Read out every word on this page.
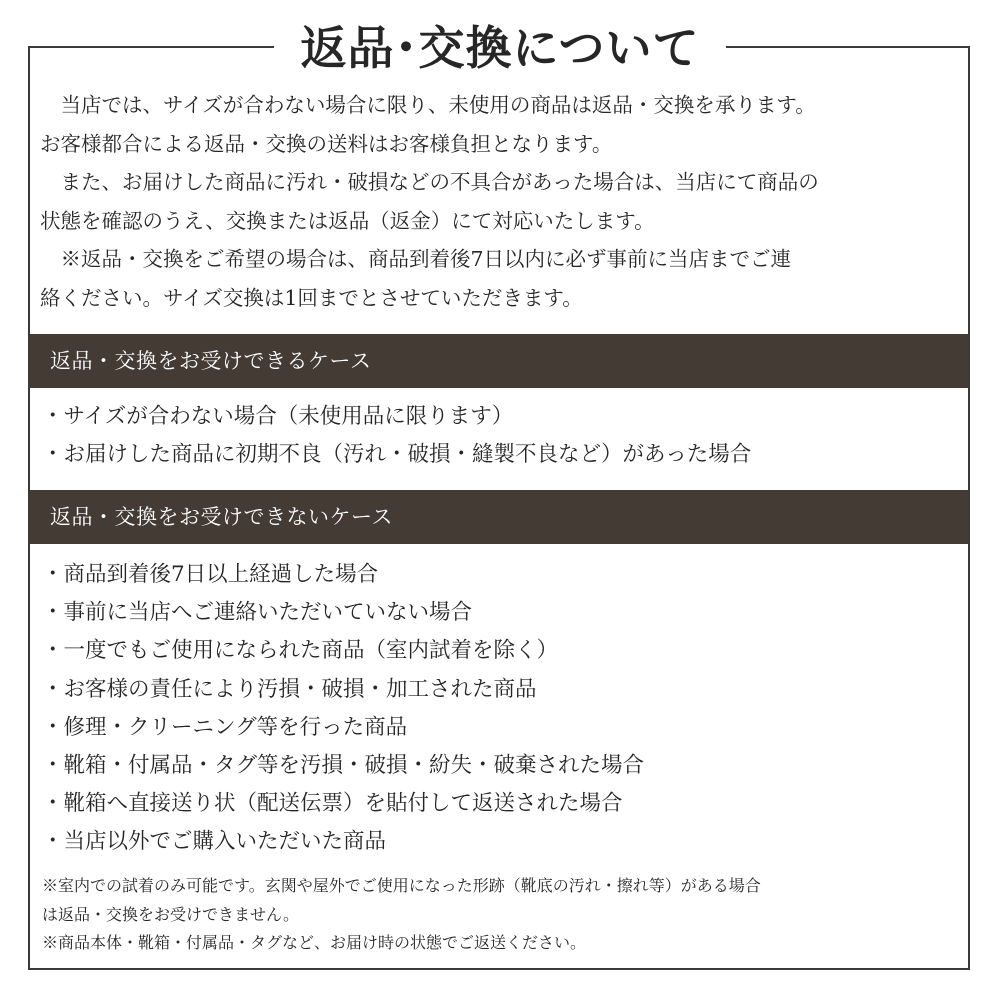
返品･交換について

　当店では、サイズが合わない場合に限り、未使用の商品は返品・交換を承ります。

お客様都合による返品・交換の送料はお客様負担となります。

　また、お届けした商品に汚れ・破損などの不具合があった場合は、当店にて商品の

状態を確認のうえ、交換または返品（返金）にて対応いたします。

　※返品・交換をご希望の場合は、商品到着後7日以内に必ず事前に当店までご連

絡ください。サイズ交換は1回までとさせていただきます。

返品・交換をお受けできるケース
・サイズが合わない場合（未使用品に限ります）
・お届けした商品に初期不良（汚れ・破損・縫製不良など）があった場合
返品・交換をお受けできないケース
・商品到着後7日以上経過した場合
・事前に当店へご連絡いただいていない場合
・一度でもご使用になられた商品（室内試着を除く）
・お客様の責任により汚損・破損・加工された商品
・修理・クリーニング等を行った商品
・靴箱・付属品・タグ等を汚損・破損・紛失・破棄された場合
・靴箱へ直接送り状（配送伝票）を貼付して返送された場合
・当店以外でご購入いただいた商品

※室内での試着のみ可能です。玄関や屋外でご使用になった形跡（靴底の汚れ・擦れ等）がある場合

は返品・交換をお受けできません。

※商品本体・靴箱・付属品・タグなど、お届け時の状態でご返送ください。
